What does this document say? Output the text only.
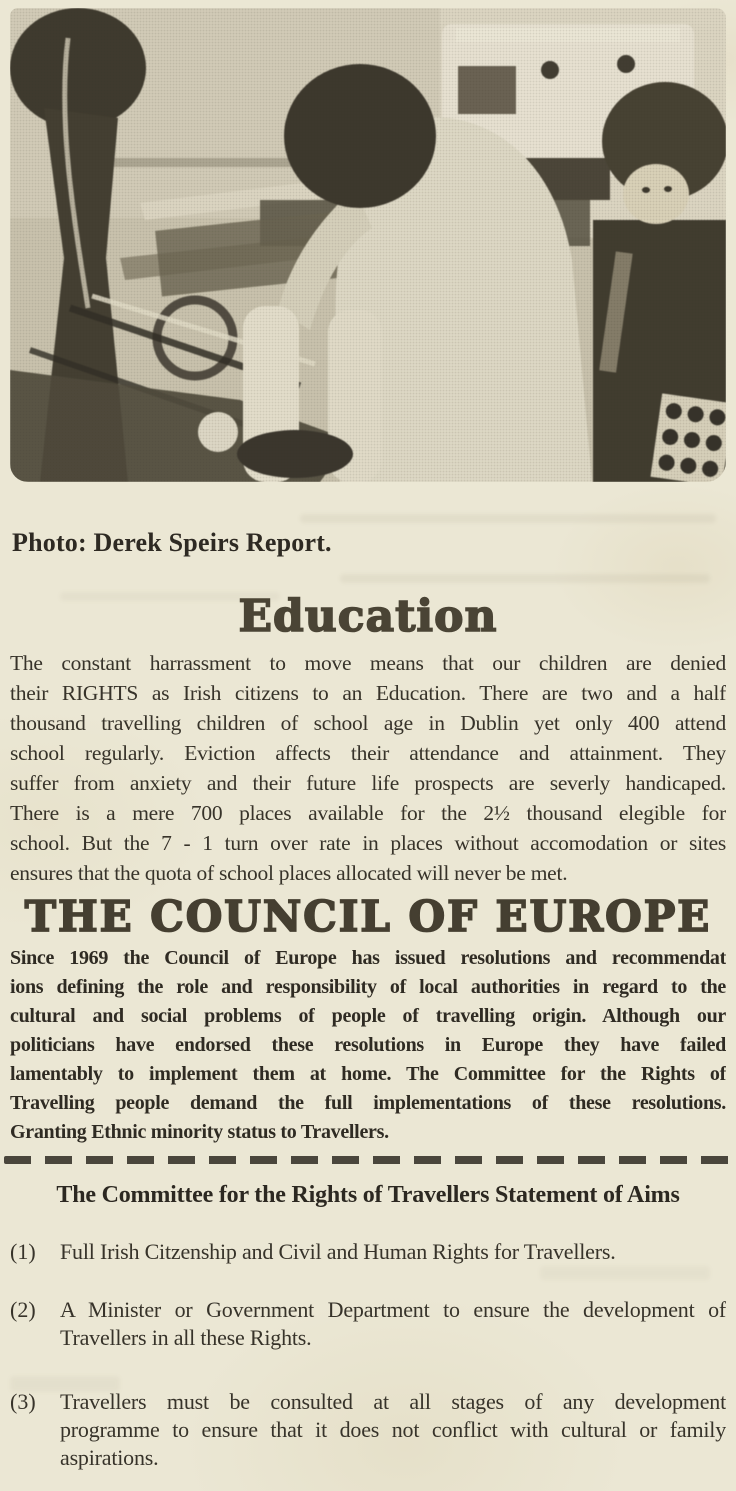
Photo: Derek Speirs Report.

Education
The constant harrassment to move means that our children are denied
their RIGHTS as Irish citizens to an Education. There are two and a half
thousand travelling children of school age in Dublin yet only 400 attend
school regularly. Eviction affects their attendance and attainment. They
suffer from anxiety and their future life prospects are severly handicaped.
There is a mere 700 places available for the 2½ thousand elegible for
school. But the 7 - 1 turn over rate in places without accomodation or sites
ensures that the quota of school places allocated will never be met.
THE COUNCIL OF EUROPE
Since 1969 the Council of Europe has issued resolutions and recommendat
ions defining the role and responsibility of local authorities in regard to the
cultural and social problems of people of travelling origin. Although our
politicians have endorsed these resolutions in Europe they have failed
lamentably to implement them at home. The Committee for the Rights of
Travelling people demand the full implementations of these resolutions.
Granting Ethnic minority status to Travellers.
The Committee for the Rights of Travellers Statement of Aims
(1) Full Irish Citzenship and Civil and Human Rights for Travellers.
(2) A Minister or Government Department to ensure the development of
Travellers in all these Rights.
(3) Travellers must be consulted at all stages of any development
programme to ensure that it does not conflict with cultural or family
aspirations.
